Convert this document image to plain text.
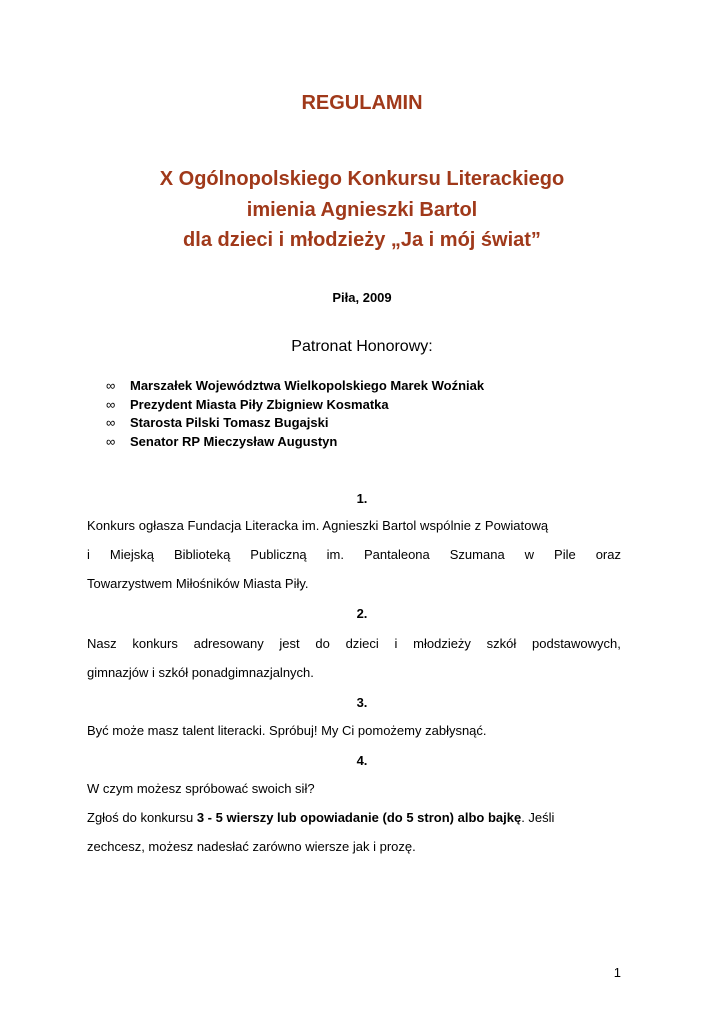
REGULAMIN
X Ogólnopolskiego Konkursu Literackiego
imienia Agnieszki Bartol
dla dzieci i młodzieży „Ja i mój świat”
Piła, 2009
Patronat Honorowy:
∞	Marszałek Województwa Wielkopolskiego Marek Woźniak
∞	Prezydent Miasta Piły Zbigniew Kosmatka
∞	Starosta Pilski Tomasz Bugajski
∞	Senator RP Mieczysław Augustyn
1.
Konkurs ogłasza Fundacja Literacka im. Agnieszki Bartol wspólnie z Powiatową
i Miejską Biblioteką Publiczną im. Pantaleona Szumana w Pile oraz
Towarzystwem Miłośników Miasta Piły.
2.
Nasz konkurs adresowany jest do dzieci i młodzieży szkół podstawowych,
gimnazjów i szkół ponadgimnazjalnych.
3.
Być może masz talent literacki. Spróbuj! My Ci pomożemy zabłysnąć.
4.
W czym możesz spróbować swoich sił?
Zgłoś do konkursu 3 - 5 wierszy lub opowiadanie (do 5 stron) albo bajkę. Jeśli
zechcesz, możesz nadesłać zarówno wiersze jak i prozę.
1
